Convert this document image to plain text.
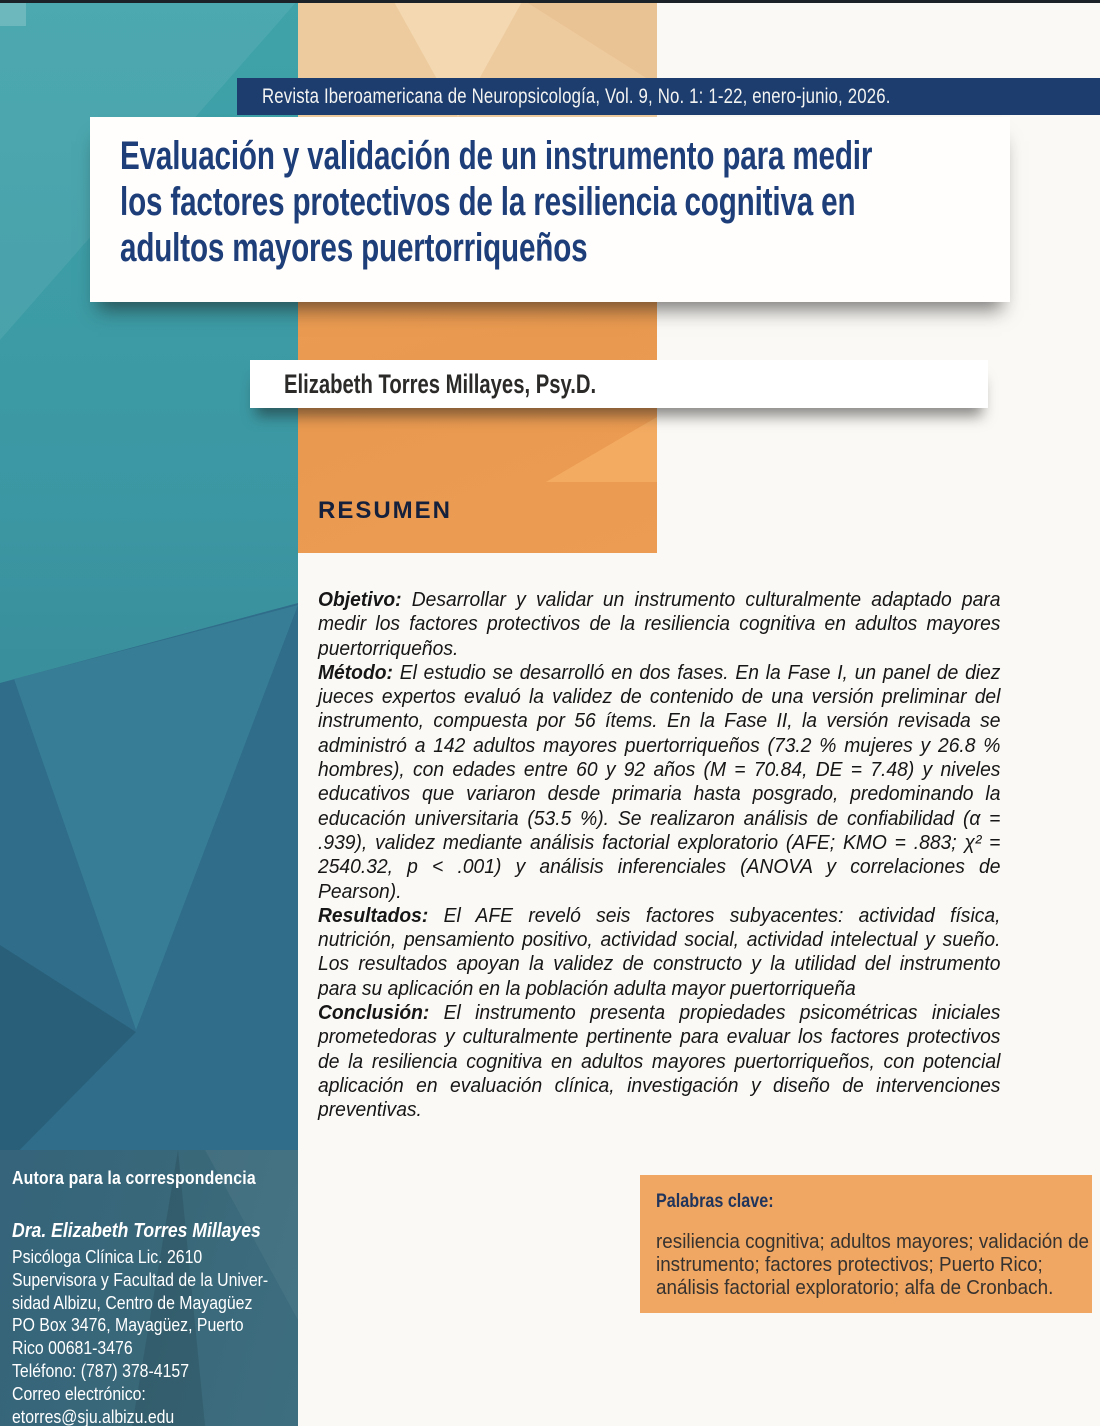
Revista Iberoamericana de Neuropsicología, Vol. 9, No. 1: 1-22, enero-junio, 2026.
Evaluación y validación de un instrumento para medir
los factores protectivos de la resiliencia cognitiva en
adultos mayores puertorriqueños
Elizabeth Torres Millayes, Psy.D.
RESUMEN

Objetivo: Desarrollar y validar un instrumento culturalmente adaptado para medir los factores protectivos de la resiliencia cognitiva en adultos mayores puertorriqueños.

Método: El estudio se desarrolló en dos fases. En la Fase I, un panel de diez jueces expertos evaluó la validez de contenido de una versión preliminar del instrumento, compuesta por 56 ítems. En la Fase II, la versión revisada se administró a 142 adultos mayores puertorriqueños (73.2 % mujeres y 26.8 % hombres), con edades entre 60 y 92 años (M = 70.84, DE = 7.48) y niveles educativos que variaron desde primaria hasta posgrado, predominando la educación universitaria (53.5 %). Se realizaron análisis de confiabilidad (α = .939), validez mediante análisis factorial exploratorio (AFE; KMO = .883; χ² = 2540.32, p < .001) y análisis inferenciales (ANOVA y correlaciones de Pearson).

Resultados: El AFE reveló seis factores subyacentes: actividad física, nutrición, pensamiento positivo, actividad social, actividad intelectual y sueño. Los resultados apoyan la validez de constructo y la utilidad del instrumento para su aplicación en la población adulta mayor puertorriqueña

Conclusión: El instrumento presenta propiedades psicométricas iniciales prometedoras y culturalmente pertinente para evaluar los factores protectivos de la resiliencia cognitiva en adultos mayores puertorriqueños, con potencial aplicación en evaluación clínica, investigación y diseño de intervenciones preventivas.

Palabras clave:
resiliencia cognitiva; adultos mayores; validación de instrumento; factores protectivos; Puerto Rico; análisis factorial exploratorio; alfa de Cronbach.
Autora para la correspondencia
Dra. Elizabeth Torres Millayes
Psicóloga Clínica Lic. 2610
Supervisora y Facultad de la Univer-
sidad Albizu, Centro de Mayagüez
PO Box 3476, Mayagüez, Puerto
Rico 00681-3476
Teléfono: (787) 378-4157
Correo electrónico:
etorres@sju.albizu.edu
